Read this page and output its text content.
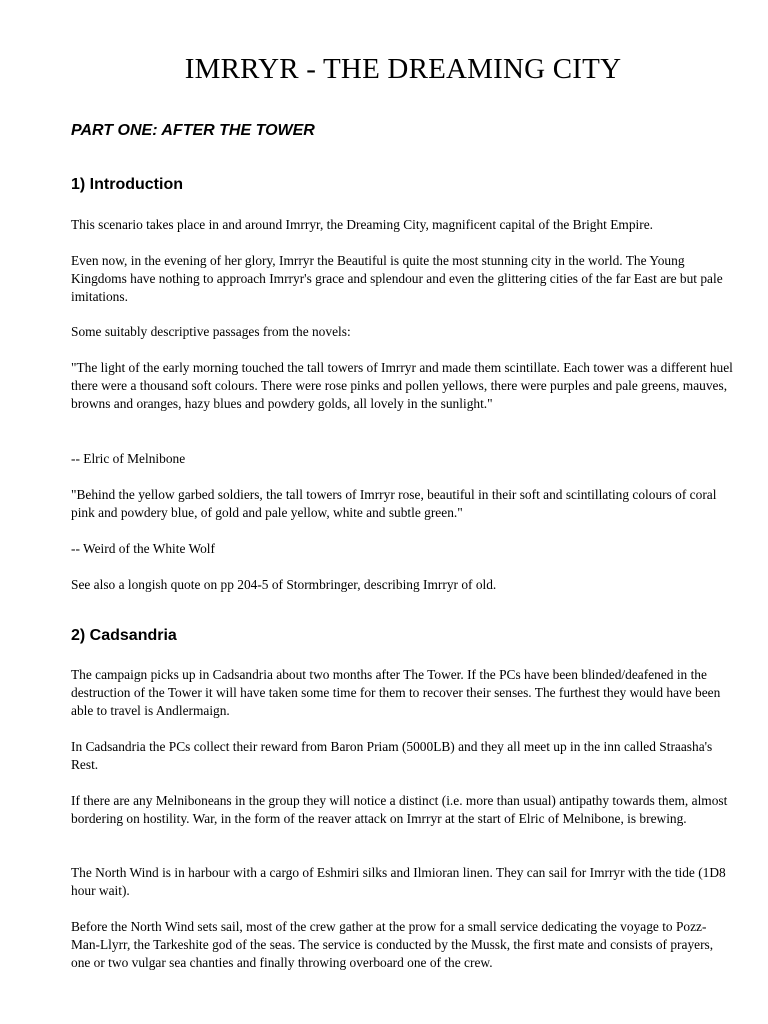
IMRRYR - THE DREAMING CITY
PART ONE: AFTER THE TOWER
1) Introduction

This scenario takes place in and around Imrryr, the Dreaming City, magnificent capital of the Bright Empire.

Even now, in the evening of her glory, Imrryr the Beautiful is quite the most stunning city in the world. The Young Kingdoms have nothing to approach Imrryr's grace and splendour and even the glittering cities of the far East are but pale imitations.

Some suitably descriptive passages from the novels:

"The light of the early morning touched the tall towers of Imrryr and made them scintillate. Each tower was a different huel there were a thousand soft colours. There were rose pinks and pollen yellows, there were purples and pale greens, mauves, browns and oranges, hazy blues and powdery golds, all lovely in the sunlight."

-- Elric of Melnibone

"Behind the yellow garbed soldiers, the tall towers of Imrryr rose, beautiful in their soft and scintillating colours of coral pink and powdery blue, of gold and pale yellow, white and subtle green."

-- Weird of the White Wolf

See also a longish quote on pp 204-5 of Stormbringer, describing Imrryr of old.

2) Cadsandria

The campaign picks up in Cadsandria about two months after The Tower. If the PCs have been blinded/deafened in the destruction of the Tower it will have taken some time for them to recover their senses. The furthest they would have been able to travel is Andlermaign.

In Cadsandria the PCs collect their reward from Baron Priam (5000LB) and they all meet up in the inn called Straasha's Rest.

If there are any Melniboneans in the group they will notice a distinct (i.e. more than usual) antipathy towards them, almost bordering on hostility. War, in the form of the reaver attack on Imrryr at the start of Elric of Melnibone, is brewing.

The North Wind is in harbour with a cargo of Eshmiri silks and Ilmioran linen. They can sail for Imrryr with the tide (1D8 hour wait).

Before the North Wind sets sail, most of the crew gather at the prow for a small service dedicating the voyage to Pozz-Man-Llyrr, the Tarkeshite god of the seas. The service is conducted by the Mussk, the first mate and consists of prayers, one or two vulgar sea chanties and finally throwing overboard one of the crew.
